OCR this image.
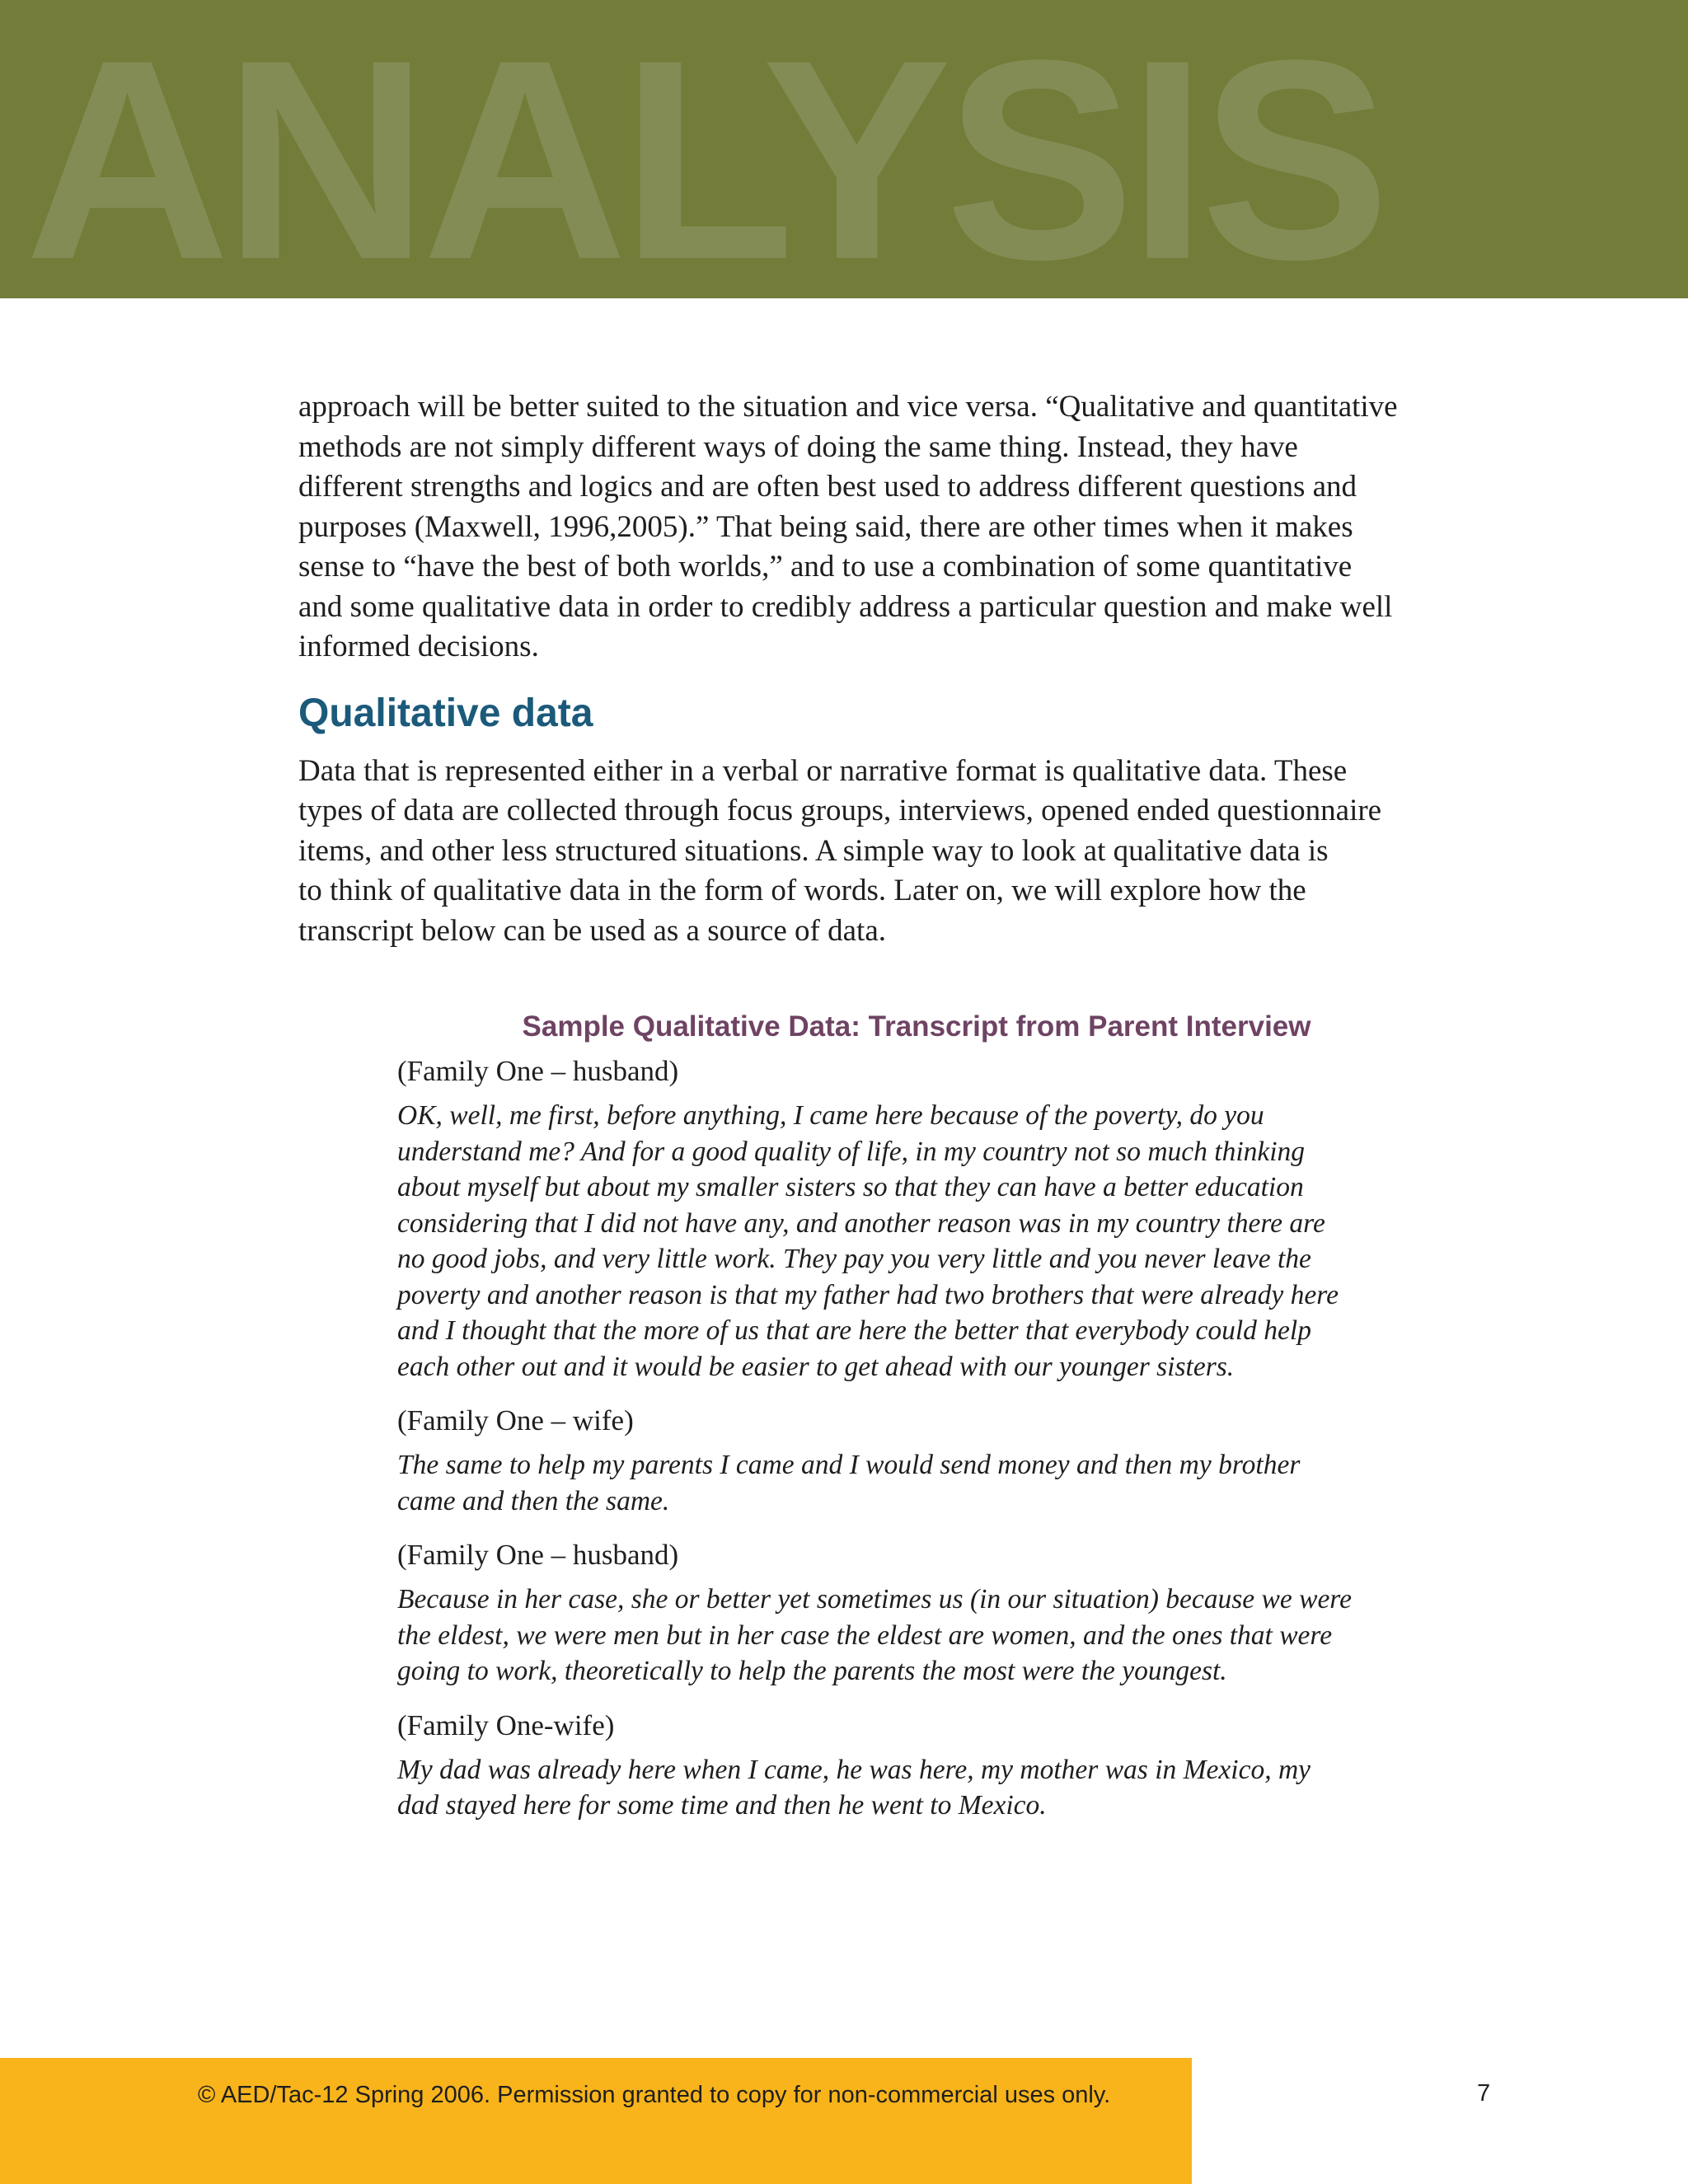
ANALYSIS

approach will be better suited to the situation and vice versa. “Qualitative and quantitative
methods are not simply different ways of doing the same thing. Instead, they have
different strengths and logics and are often best used to address different questions and
purposes (Maxwell, 1996,2005).” That being said, there are other times when it makes
sense to “have the best of both worlds,” and to use a combination of some quantitative
and some qualitative data in order to credibly address a particular question and make well
informed decisions.

Qualitative data

Data that is represented either in a verbal or narrative format is qualitative data. These
types of data are collected through focus groups, interviews, opened ended questionnaire
items, and other less structured situations. A simple way to look at qualitative data is
to think of qualitative data in the form of words. Later on, we will explore how the
transcript below can be used as a source of data.

Sample Qualitative Data: Transcript from Parent Interview
(Family One – husband)

OK, well, me first, before anything, I came here because of the poverty, do you
understand me? And for a good quality of life, in my country not so much thinking
about myself but about my smaller sisters so that they can have a better education
considering that I did not have any, and another reason was in my country there are
no good jobs, and very little work. They pay you very little and you never leave the
poverty and another reason is that my father had two brothers that were already here
and I thought that the more of us that are here the better that everybody could help
each other out and it would be easier to get ahead with our younger sisters.

(Family One – wife)

The same to help my parents I came and I would send money and then my brother
came and then the same.

(Family One – husband)

Because in her case, she or better yet sometimes us (in our situation) because we were
the eldest, we were men but in her case the eldest are women, and the ones that were
going to work, theoretically to help the parents the most were the youngest.

(Family One-wife)

My dad was already here when I came, he was here, my mother was in Mexico, my
dad stayed here for some time and then he went to Mexico.

© AED/Tac-12 Spring 2006. Permission granted to copy for non-commercial uses only.	7
